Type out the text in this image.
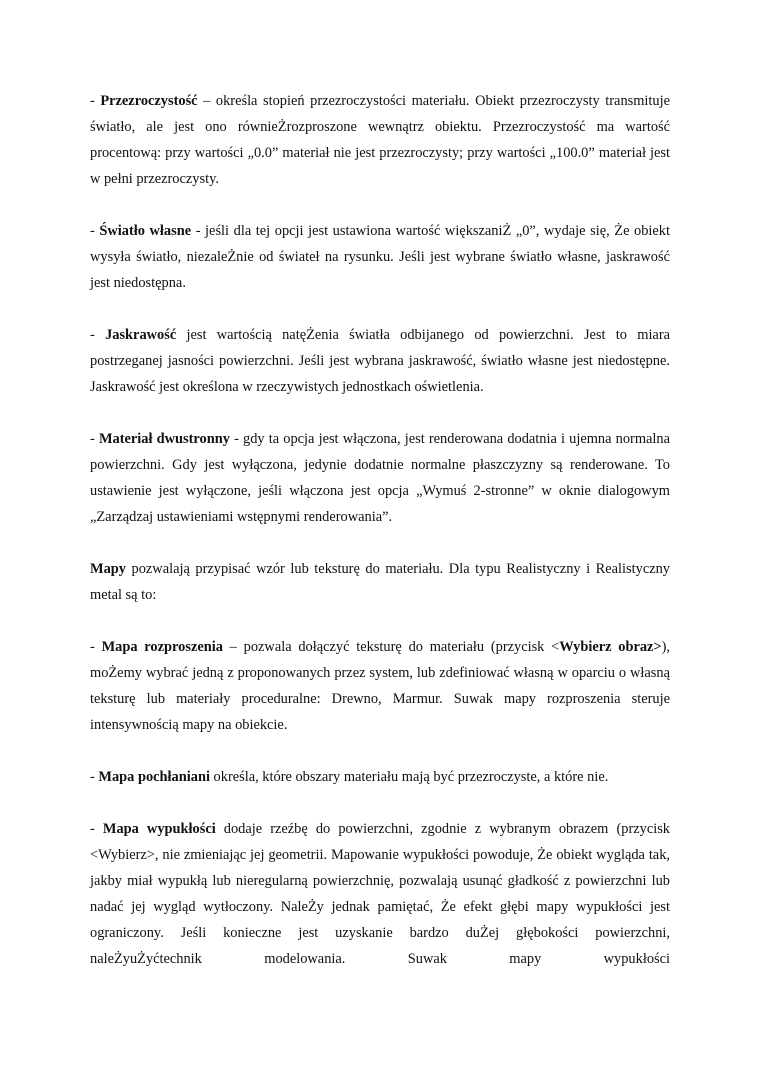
- Przezroczystość – określa stopień przezroczystości materiału. Obiekt przezroczysty transmituje światło, ale jest ono równieŻrozproszone wewnątrz obiektu. Przezroczystość ma wartość procentową: przy wartości „0.0” materiał nie jest przezroczysty; przy wartości „100.0” materiał jest w pełni przezroczysty.

- Światło własne - jeśli dla tej opcji jest ustawiona wartość większaniŻ „0”, wydaje się, Że obiekt wysyła światło, niezaleŻnie od świateł na rysunku. Jeśli jest wybrane światło własne, jaskrawość jest niedostępna.

- Jaskrawość jest wartością natęŻenia światła odbijanego od powierzchni. Jest to miara postrzeganej jasności powierzchni. Jeśli jest wybrana jaskrawość, światło własne jest niedostępne. Jaskrawość jest określona w rzeczywistych jednostkach oświetlenia.

- Materiał dwustronny - gdy ta opcja jest włączona, jest renderowana dodatnia i ujemna normalna powierzchni. Gdy jest wyłączona, jedynie dodatnie normalne płaszczyzny są renderowane. To ustawienie jest wyłączone, jeśli włączona jest opcja „Wymuś 2-stronne” w oknie dialogowym „Zarządzaj ustawieniami wstępnymi renderowania”.

Mapy pozwalają przypisać wzór lub teksturę do materiału. Dla typu Realistyczny i Realistyczny metal są to:

- Mapa rozproszenia – pozwala dołączyć teksturę do materiału (przycisk <Wybierz obraz>), moŻemy wybrać jedną z proponowanych przez system, lub zdefiniować własną w oparciu o własną teksturę lub materiały proceduralne: Drewno, Marmur. Suwak mapy rozproszenia steruje intensywnością mapy na obiekcie.

- Mapa pochłaniani określa, które obszary materiału mają być przezroczyste, a które nie.

- Mapa wypukłości dodaje rzeźbę do powierzchni, zgodnie z wybranym obrazem (przycisk <Wybierz>, nie zmieniając jej geometrii. Mapowanie wypukłości powoduje, Że obiekt wygląda tak, jakby miał wypukłą lub nieregularną powierzchnię, pozwalają usunąć gładkość z powierzchni lub nadać jej wygląd wytłoczony. NaleŻy jednak pamiętać, Że efekt głębi mapy wypukłości jest ograniczony. Jeśli konieczne jest uzyskanie bardzo duŻej głębokości powierzchni, naleŻyuŻyćtechnik modelowania. Suwak mapy wypukłości
